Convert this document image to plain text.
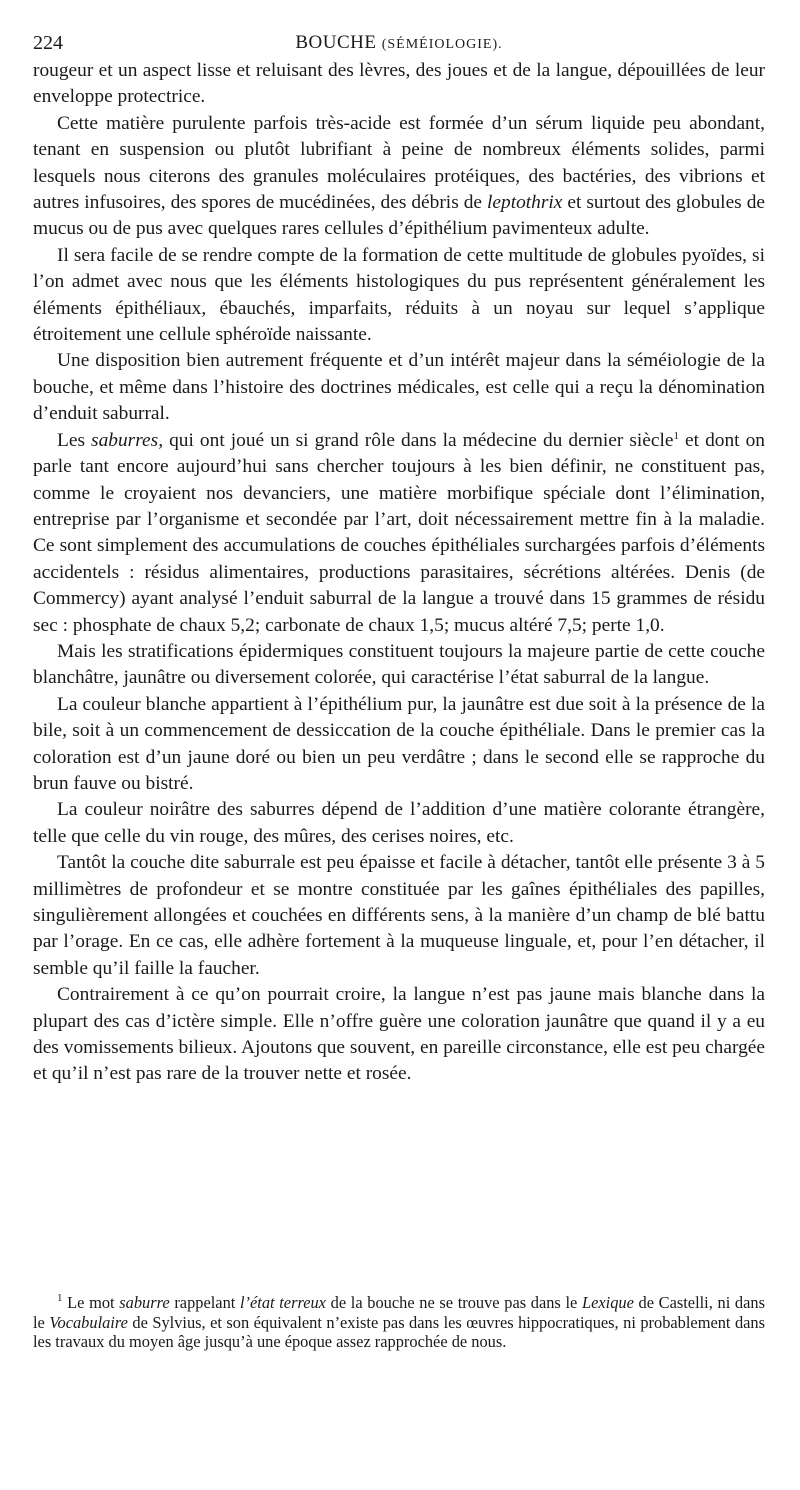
224	BOUCHE (SÉMÉIOLOGIE).

rougeur et un aspect lisse et reluisant des lèvres, des joues et de la langue, dépouillées de leur enveloppe protectrice.

Cette matière purulente parfois très-acide est formée d’un sérum liquide peu abondant, tenant en suspension ou plutôt lubrifiant à peine de nombreux éléments solides, parmi lesquels nous citerons des granules moléculaires protéiques, des bactéries, des vibrions et autres infusoires, des spores de mucédinées, des débris de leptothrix et surtout des globules de mucus ou de pus avec quelques rares cellules d’épithélium pavimenteux adulte.

Il sera facile de se rendre compte de la formation de cette multitude de globules pyoïdes, si l’on admet avec nous que les éléments histologiques du pus représentent généralement les éléments épithéliaux, ébauchés, imparfaits, réduits à un noyau sur lequel s’applique étroitement une cellule sphéroïde naissante.

Une disposition bien autrement fréquente et d’un intérêt majeur dans la séméiologie de la bouche, et même dans l’histoire des doctrines médicales, est celle qui a reçu la dénomination d’enduit saburral.

Les saburres, qui ont joué un si grand rôle dans la médecine du dernier siècle$^1$ et dont on parle tant encore aujourd’hui sans chercher toujours à les bien définir, ne constituent pas, comme le croyaient nos devanciers, une matière morbifique spéciale dont l’élimination, entreprise par l’organisme et secondée par l’art, doit nécessairement mettre fin à la maladie. Ce sont simplement des accumulations de couches épithéliales surchargées parfois d’éléments accidentels : résidus alimentaires, productions parasitaires, sécrétions altérées. Denis (de Commercy) ayant analysé l’enduit saburral de la langue a trouvé dans 15 grammes de résidu sec : phosphate de chaux 5,2; carbonate de chaux 1,5; mucus altéré 7,5; perte 1,0.

Mais les stratifications épidermiques constituent toujours la majeure partie de cette couche blanchâtre, jaunâtre ou diversement colorée, qui caractérise l’état saburral de la langue.

La couleur blanche appartient à l’épithélium pur, la jaunâtre est due soit à la présence de la bile, soit à un commencement de dessiccation de la couche épithéliale. Dans le premier cas la coloration est d’un jaune doré ou bien un peu verdâtre ; dans le second elle se rapproche du brun fauve ou bistré.

La couleur noirâtre des saburres dépend de l’addition d’une matière colorante étrangère, telle que celle du vin rouge, des mûres, des cerises noires, etc.

Tantôt la couche dite saburrale est peu épaisse et facile à détacher, tantôt elle présente 3 à 5 millimètres de profondeur et se montre constituée par les gaînes épithéliales des papilles, singulièrement allongées et couchées en différents sens, à la manière d’un champ de blé battu par l’orage. En ce cas, elle adhère fortement à la muqueuse linguale, et, pour l’en détacher, il semble qu’il faille la faucher.

Contrairement à ce qu’on pourrait croire, la langue n’est pas jaune mais blanche dans la plupart des cas d’ictère simple. Elle n’offre guère une coloration jaunâtre que quand il y a eu des vomissements bilieux. Ajoutons que souvent, en pareille circonstance, elle est peu chargée et qu’il n’est pas rare de la trouver nette et rosée.

$^1$ Le mot saburre rappelant l’état terreux de la bouche ne se trouve pas dans le Lexique de Castelli, ni dans le Vocabulaire de Sylvius, et son équivalent n’existe pas dans les œuvres hippocratiques, ni probablement dans les travaux du moyen âge jusqu’à une époque assez rapprochée de nous.
